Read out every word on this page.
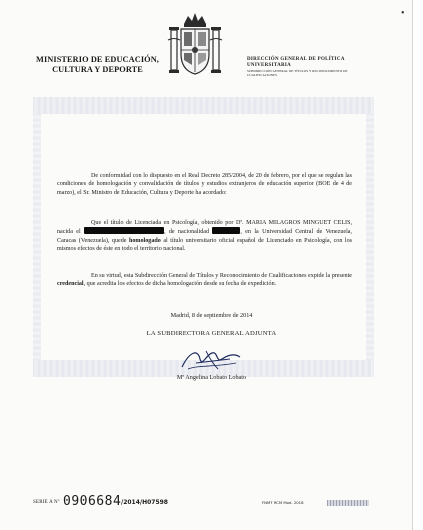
MINISTERIO DE EDUCACIÓN,
CULTURA Y DEPORTE
DIRECCIÓN GENERAL DE POLÍTICA
UNIVERSITARIA
SUBDIRECCIÓN GENERAL DE TÍTULOS Y RECONOCIMIENTO DE
CUALIFICACIONES
De conformidad con lo dispuesto en el Real Decreto 285/2004, de 20 de febrero, por el que se regulan las condiciones de homologación y convalidación de títulos y estudios extranjeros de educación superior (BOE de 4 de marzo), el Sr. Ministro de Educación, Cultura y Deporte ha acordado:
Que el título de Licenciada en Psicología, obtenido por Dª. MARIA MILAGROS MINGUET CELIS, nacida el	, de nacionalidad	, en la Universidad Central de Venezuela, Caracas (Venezuela), quede homologado al título universitario oficial español de Licenciado en Psicología, con los mismos efectos de éste en todo el territorio nacional.
En su virtud, esta Subdirección General de Títulos y Reconocimiento de Cualificaciones expide la presente credencial, que acredita los efectos de dicha homologación desde su fecha de expedición.
Madrid, 8 de septiembre de 2014
LA SUBDIRECTORA GENERAL ADJUNTA
Mª Angelina Lobato Lobato
SERIE A Nº 0906684 /2014/H07598	FNMT RCM Mod. 2018
•
